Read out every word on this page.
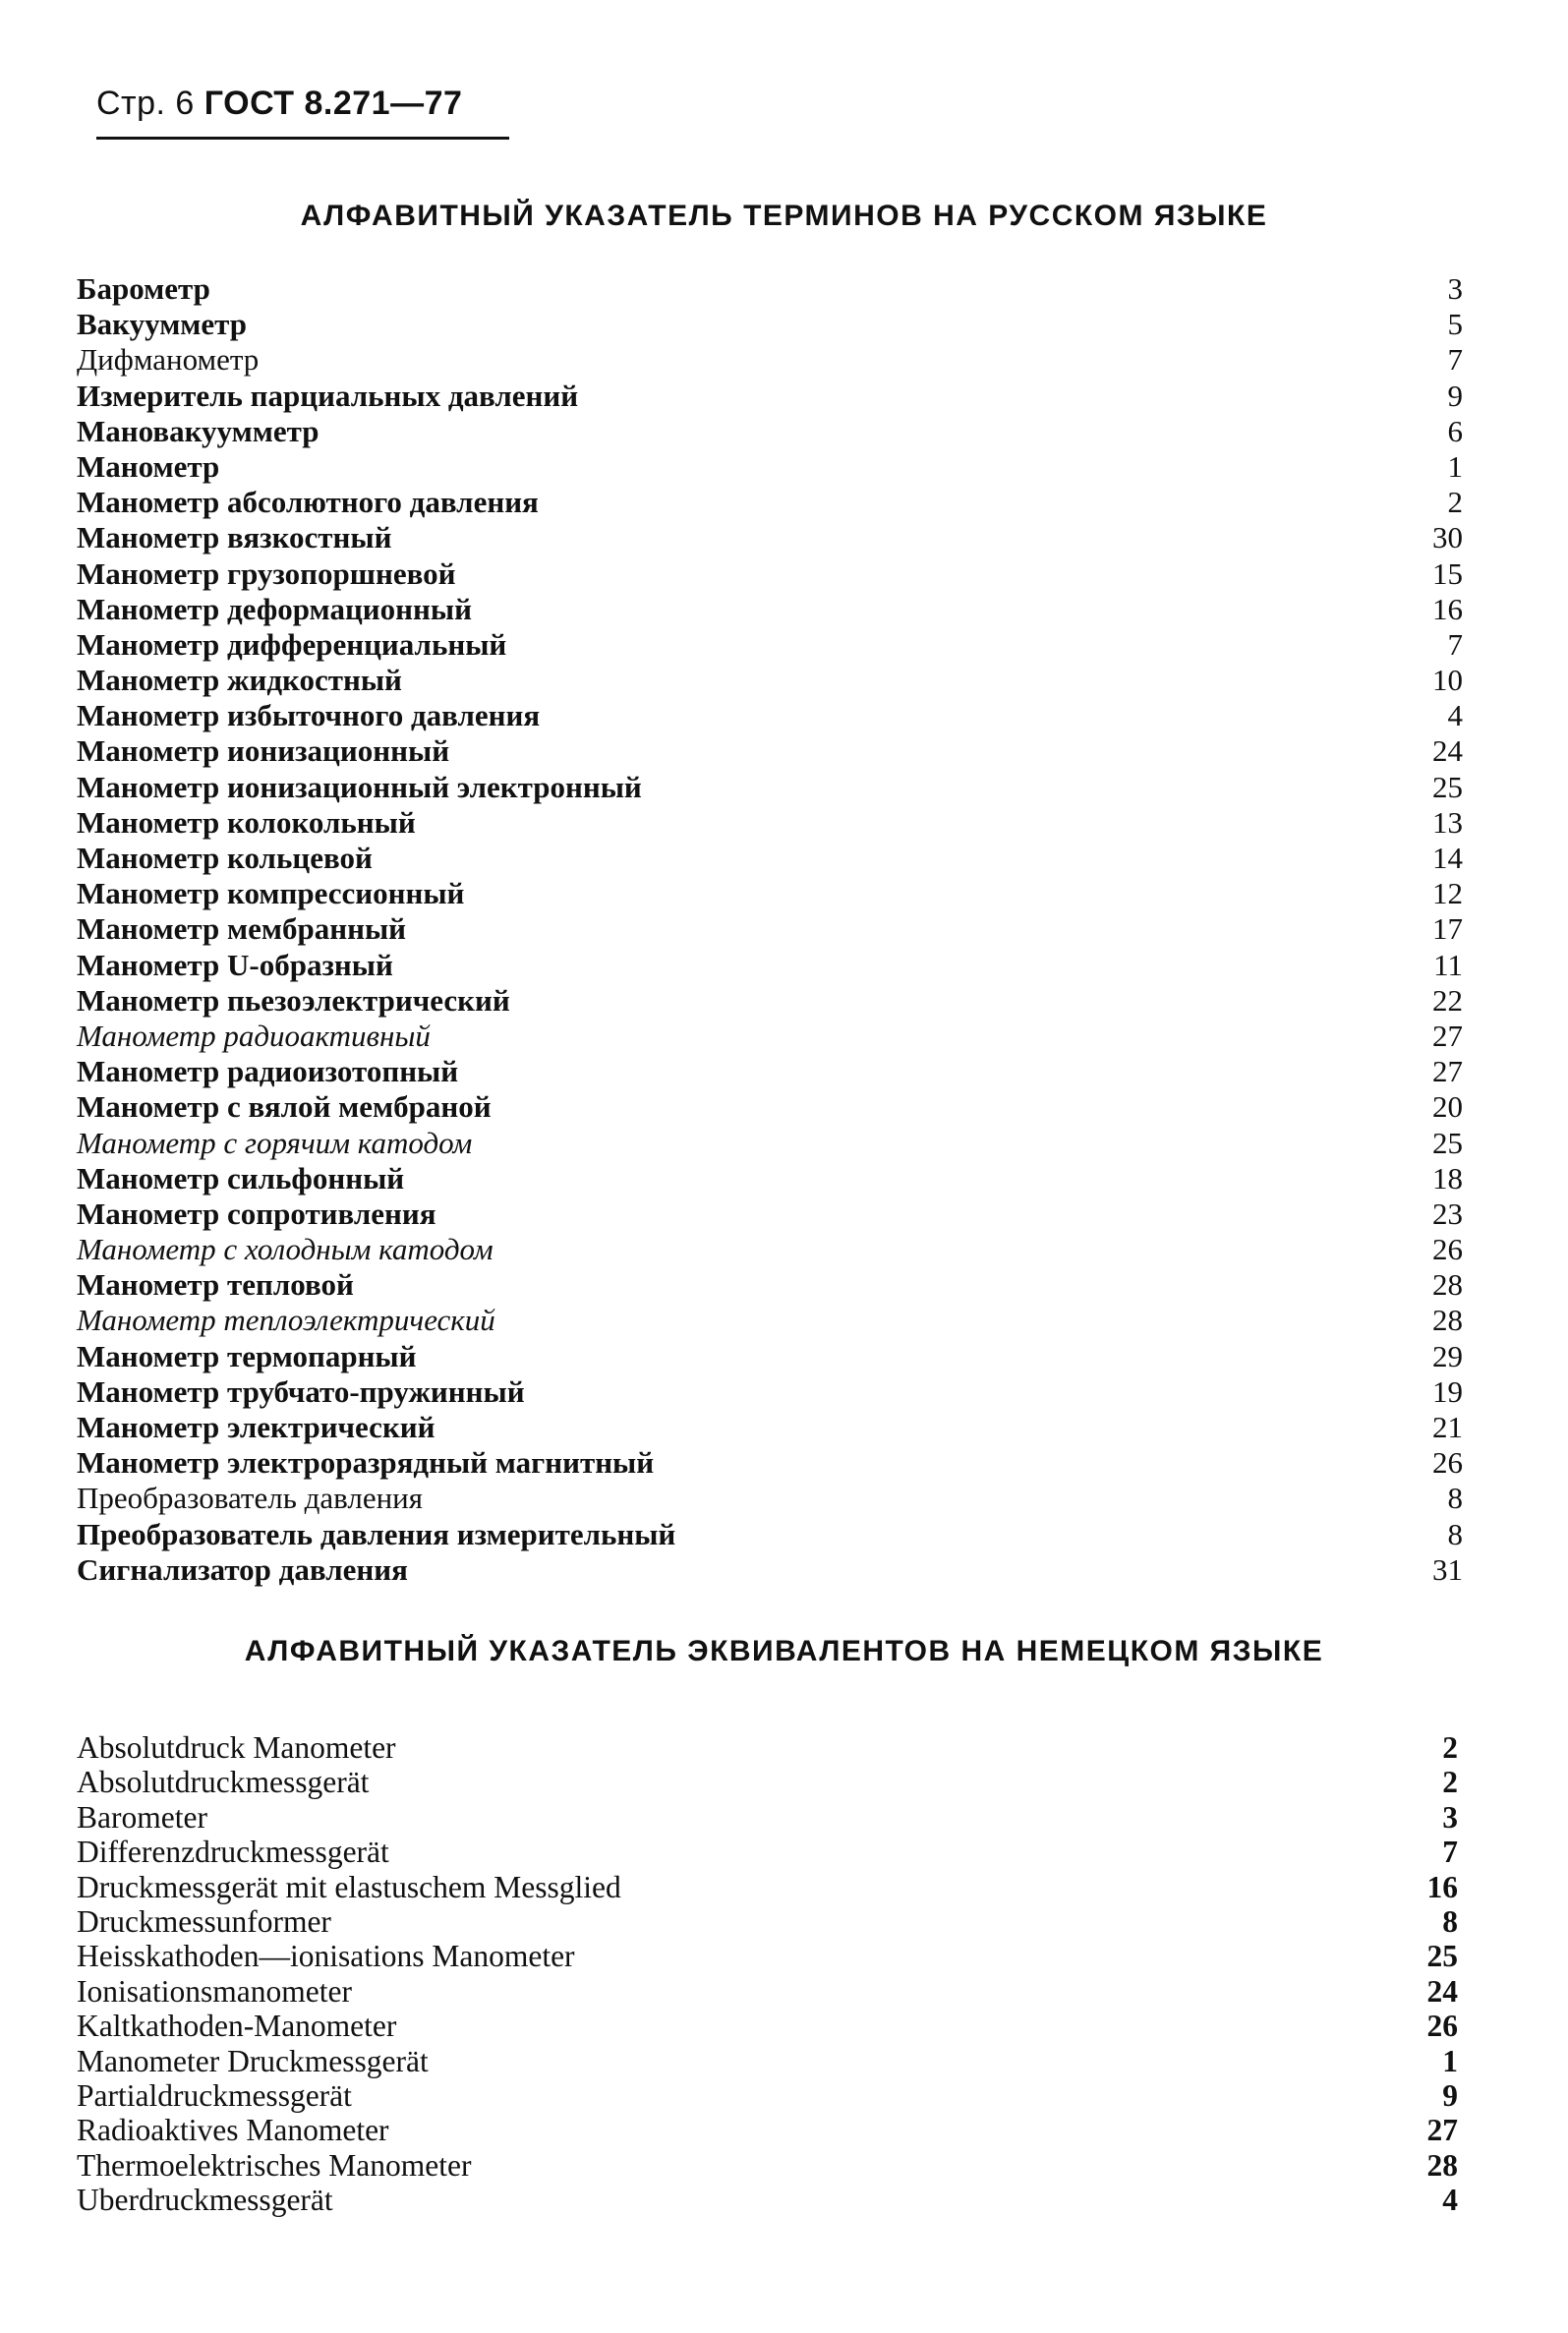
Стр. 6 ГОСТ 8.271—77
АЛФАВИТНЫЙ УКАЗАТЕЛЬ ТЕРМИНОВ НА РУССКОМ ЯЗЫКЕ
Барометр	3
Вакуумметр	5
Дифманометр	7
Измеритель парциальных давлений	9
Мановакуумметр	6
Манометр	1
Манометр абсолютного давления	2
Манометр вязкостный	30
Манометр грузопоршневой	15
Манометр деформационный	16
Манометр дифференциальный	7
Манометр жидкостный	10
Манометр избыточного давления	4
Манометр ионизационный	24
Манометр ионизационный электронный	25
Манометр колокольный	13
Манометр кольцевой	14
Манометр компрессионный	12
Манометр мембранный	17
Манометр U-образный	11
Манометр пьезоэлектрический	22
Манометр радиоактивный	27
Манометр радиоизотопный	27
Манометр с вялой мембраной	20
Манометр с горячим катодом	25
Манометр сильфонный	18
Манометр сопротивления	23
Манометр с холодным катодом	26
Манометр тепловой	28
Манометр теплоэлектрический	28
Манометр термопарный	29
Манометр трубчато-пружинный	19
Манометр электрический	21
Манометр электроразрядный магнитный	26
Преобразователь давления	8
Преобразователь давления измерительный	8
Сигнализатор давления	31
АЛФАВИТНЫЙ УКАЗАТЕЛЬ ЭКВИВАЛЕНТОВ НА НЕМЕЦКОМ ЯЗЫКЕ
Absolutdruck Manometer	2
Absolutdruckmessgerät	2
Barometer	3
Differenzdruckmessgerät	7
Druckmessgerät mit elastuschem Messglied	16
Druckmessunformer	8
Heisskathoden—ionisations Manometer	25
Ionisationsmanometer	24
Kaltkathoden-Manometer	26
Manometer Druckmessgerät	1
Partialdruckmessgerät	9
Radioaktives Manometer	27
Thermoelektrisches Manometer	28
Uberdruckmessgerät	4
